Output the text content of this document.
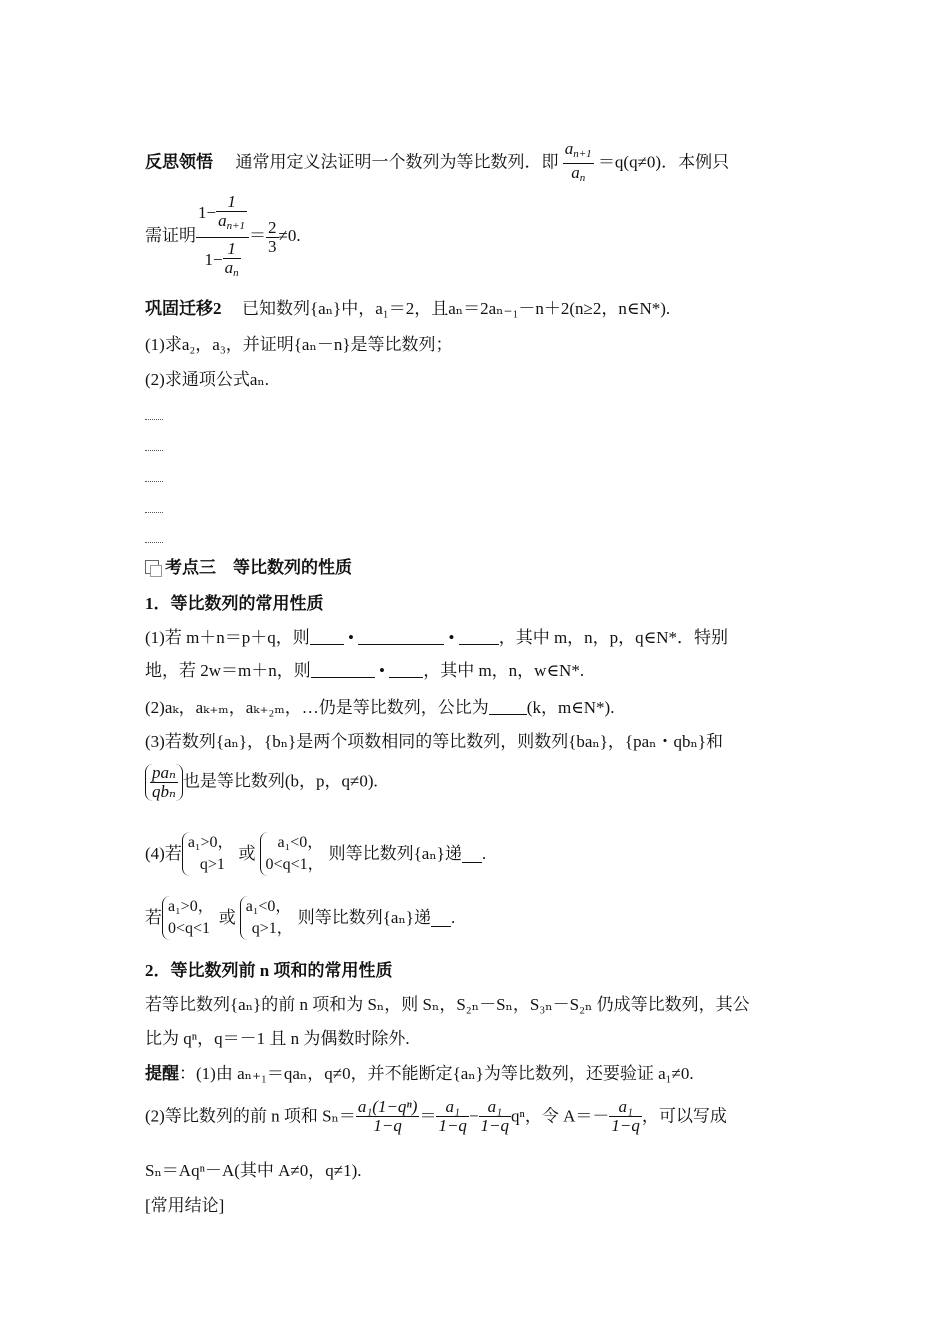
反思领悟 通常用定义法证明一个数列为等比数列．即 $\frac{a_{n+1}}{a_n} =q(q\ne 0)$．本例只
需证明 $\frac{1- \frac{1}{a_{n+1}}}{1- \frac{1}{a_n}} = \frac{2}{3} \ne 0$.
巩固迁移2 已知数列{aₙ}中，a₁＝2，且aₙ＝2aₙ₋₁－n＋2(n≥2，n∈N*).
(1)求a₂，a₃，并证明{aₙ－n}是等比数列；
(2)求通项公式aₙ.
考点三　等比数列的性质
1．等比数列的常用性质
(1)若 m＋n＝p＋q，则 •	• ，其中 m，n，p，q∈N*．特别
地，若 2w＝m＋n，则	• ，其中 m，n，w∈N*.
(2)aₖ，aₖ₊ₘ，aₖ₊₂ₘ，…仍是等比数列，公比为 (k，m∈N*).
(3)若数列{aₙ}，{bₙ}是两个项数相同的等比数列，则数列{baₙ}，{paₙ・qbₙ}和
$\frac{\text{paₙ}}{\text{qbₙ}}$ 也是等比数列(b，p，q≠0).
(4)若
a₁>0，
q>1
或
a₁<0，
0<q<1，
则等比数列{aₙ}递 .
若
a₁>0，
0<q<1
或
a₁<0，
q>1，
则等比数列{aₙ}递 .
2．等比数列前 n 项和的常用性质
若等比数列{aₙ}的前 n 项和为 Sₙ，则 Sₙ，S₂ₙ－Sₙ，S₃ₙ－S₂ₙ 仍成等比数列，其公
比为 qⁿ，q＝－1 且 n 为偶数时除外.
提醒：(1)由 aₙ₊₁＝qaₙ，q≠0，并不能断定{aₙ}为等比数列，还要验证 a₁≠0.
(2)等比数列的前 n 项和 $S_n= \frac{\text{a₁(1−qⁿ)}}{1-q} = \frac{\text{a₁}}{1-q} - \frac{\text{a₁}}{1-q}$ qⁿ，令 $A=- \frac{\text{a₁}}{1-q}$ ，可以写成
Sₙ＝Aqⁿ－A(其中 A≠0，q≠1).
[常用结论]
